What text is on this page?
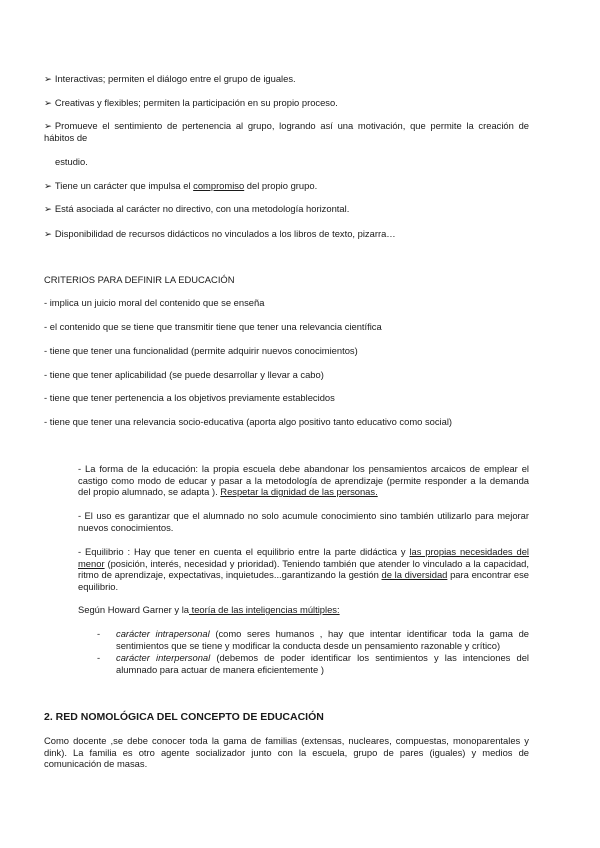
➢ Interactivas; permiten el diálogo entre el grupo de iguales.
➢ Creativas y flexibles; permiten la participación en su propio proceso.
➢ Promueve el sentimiento de pertenencia al grupo, logrando así una motivación, que permite la creación de hábitos de
estudio.
➢ Tiene un carácter que impulsa el compromiso del propio grupo.
➢ Está asociada al carácter no directivo, con una metodología horizontal.
➢ Disponibilidad de recursos didácticos no vinculados a los libros de texto, pizarra…
CRITERIOS PARA DEFINIR LA EDUCACIÓN
- implica un juicio moral del contenido que se enseña
- el contenido que se tiene que transmitir tiene que tener una relevancia científica
- tiene que tener una funcionalidad (permite adquirir nuevos conocimientos)
- tiene que tener aplicabilidad (se puede desarrollar y llevar a cabo)
- tiene que tener pertenencia a los objetivos previamente establecidos
- tiene que tener una relevancia socio-educativa (aporta algo positivo tanto educativo como social)
- La forma de la educación: la propia escuela debe abandonar los pensamientos arcaicos de emplear el castigo como modo de educar y pasar a la metodología de aprendizaje (permite responder a la demanda del propio alumnado, se adapta ). Respetar la dignidad de las personas.
- El uso es garantizar que el alumnado no solo acumule conocimiento sino también utilizarlo para mejorar nuevos conocimientos.
- Equilibrio : Hay que tener en cuenta el equilibrio entre la parte didáctica y las propias necesidades del menor (posición, interés, necesidad y prioridad). Teniendo también que atender lo vinculado a la capacidad, ritmo de aprendizaje, expectativas, inquietudes...garantizando la gestión de la diversidad para encontrar ese equilibrio.
Según Howard Garner y la teoría de las inteligencias múltiples:
- carácter intrapersonal (como seres humanos , hay que intentar identificar toda la gama de sentimientos que se tiene y modificar la conducta desde un pensamiento razonable y crítico)
- carácter interpersonal (debemos de poder identificar los sentimientos y las intenciones del alumnado para actuar de manera eficientemente )
2. RED NOMOLÓGICA DEL CONCEPTO DE EDUCACIÓN
Como docente ,se debe conocer toda la gama de familias (extensas, nucleares, compuestas, monoparentales y dink). La familia es otro agente socializador junto con la escuela, grupo de pares (iguales) y medios de comunicación de masas.
